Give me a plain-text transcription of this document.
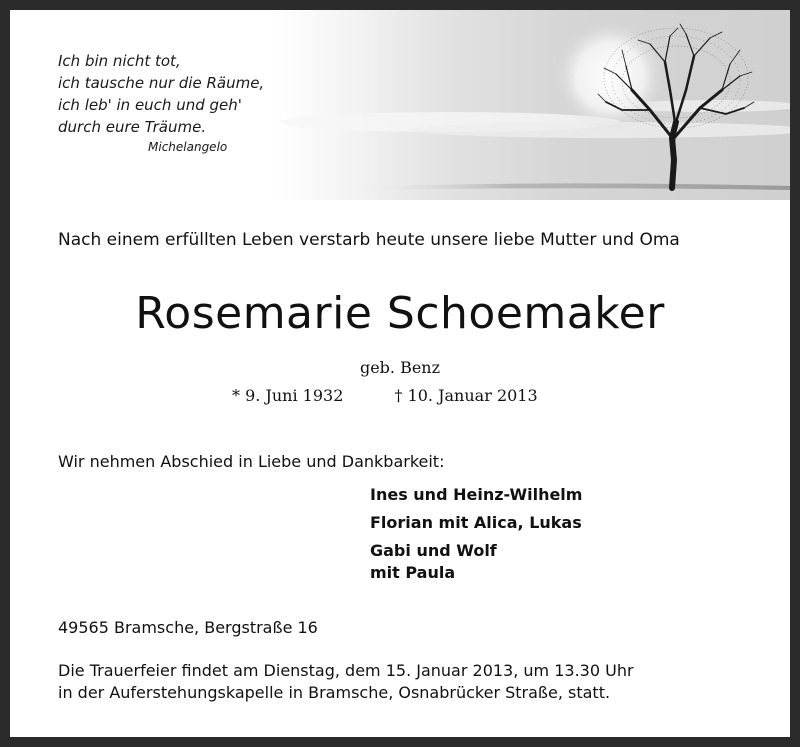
Ich bin nicht tot,
ich tausche nur die Räume,
ich leb' in euch und geh'
durch eure Träume.
Michelangelo
Nach einem erfüllten Leben verstarb heute unsere liebe Mutter und Oma
Rosemarie Schoemaker
geb. Benz
* 9. Juni 1932	† 10. Januar 2013
Wir nehmen Abschied in Liebe und Dankbarkeit:
Ines und Heinz-Wilhelm
Florian mit Alica, Lukas
Gabi und Wolf
mit Paula
49565 Bramsche, Bergstraße 16
Die Trauerfeier findet am Dienstag, dem 15. Januar 2013, um 13.30 Uhr
in der Auferstehungskapelle in Bramsche, Osnabrücker Straße, statt.
